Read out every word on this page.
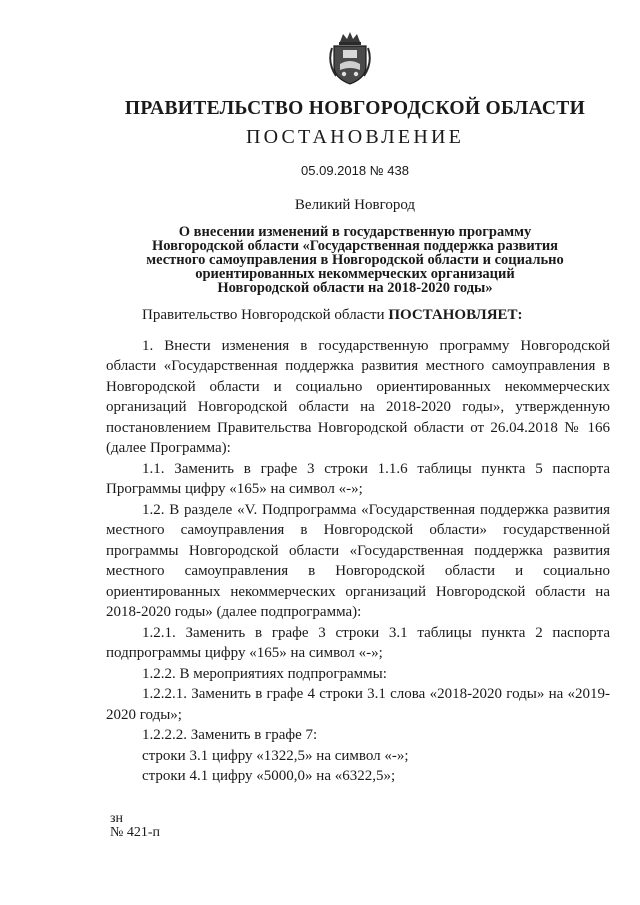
ПРАВИТЕЛЬСТВО НОВГОРОДСКОЙ ОБЛАСТИ
ПОСТАНОВЛЕНИЕ
05.09.2018 № 438
Великий Новгород
О внесении изменений в государственную программу
Новгородской области «Государственная поддержка развития
местного самоуправления в Новгородской области и социально
ориентированных некоммерческих организаций
Новгородской области на 2018-2020 годы»

Правительство Новгородской области ПОСТАНОВЛЯЕТ:

1. Внести изменения в государственную программу Новгородской области «Государственная поддержка развития местного самоуправления в Новгородской области и социально ориентированных некоммерческих организаций Новгородской области на 2018-2020 годы», утвержденную постановлением Правительства Новгородской области от 26.04.2018 № 166 (далее Программа):

1.1. Заменить в графе 3 строки 1.1.6 таблицы пункта 5 паспорта Программы цифру «165» на символ «-»;

1.2. В разделе «V. Подпрограмма «Государственная поддержка развития местного самоуправления в Новгородской области» государственной программы Новгородской области «Государственная поддержка развития местного самоуправления в Новгородской области и социально ориентированных некоммерческих организаций Новгородской области на 2018-2020 годы» (далее подпрограмма):

1.2.1. Заменить в графе 3 строки 3.1 таблицы пункта 2 паспорта подпрограммы цифру «165» на символ «-»;

1.2.2. В мероприятиях подпрограммы:

1.2.2.1. Заменить в графе 4 строки 3.1 слова «2018-2020 годы» на «2019-2020 годы»;

1.2.2.2. Заменить в графе 7:

строки 3.1 цифру «1322,5» на символ «-»;

строки 4.1 цифру «5000,0» на «6322,5»;

зн
№ 421-п
